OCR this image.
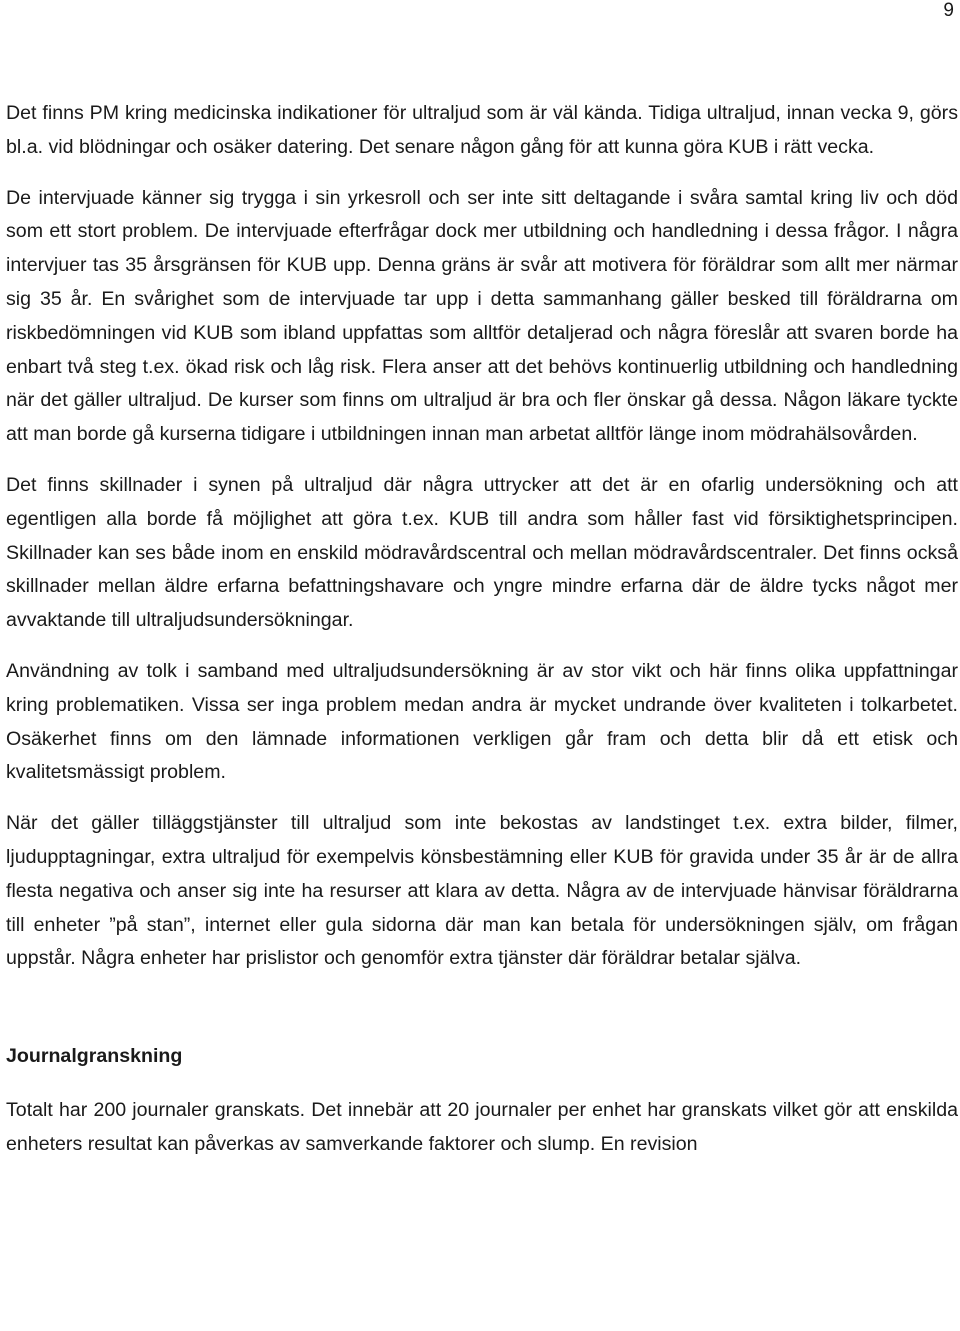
9

Det finns PM kring medicinska indikationer för ultraljud som är väl kända. Tidiga ultraljud, innan vecka 9, görs bl.a. vid blödningar och osäker datering. Det senare någon gång för att kunna göra KUB i rätt vecka.

De intervjuade känner sig trygga i sin yrkesroll och ser inte sitt deltagande i svåra samtal kring liv och död som ett stort problem. De intervjuade efterfrågar dock mer utbildning och handledning i dessa frågor. I några intervjuer tas 35 årsgränsen för KUB upp. Denna gräns är svår att motivera för föräldrar som allt mer närmar sig 35 år. En svårighet som de intervjuade tar upp i detta sammanhang gäller besked till föräldrarna om riskbedömningen vid KUB som ibland uppfattas som alltför detaljerad och några föreslår att svaren borde ha enbart två steg t.ex. ökad risk och låg risk. Flera anser att det behövs kontinuerlig utbildning och handledning när det gäller ultraljud. De kurser som finns om ultraljud är bra och fler önskar gå dessa. Någon läkare tyckte att man borde gå kurserna tidigare i utbildningen innan man arbetat alltför länge inom mödrahälsovården.

Det finns skillnader i synen på ultraljud där några uttrycker att det är en ofarlig undersökning och att egentligen alla borde få möjlighet att göra t.ex. KUB till andra som håller fast vid försiktighetsprincipen. Skillnader kan ses både inom en enskild mödravårdscentral och mellan mödravårdscentraler. Det finns också skillnader mellan äldre erfarna befattningshavare och yngre mindre erfarna där de äldre tycks något mer avvaktande till ultraljudsundersökningar.

Användning av tolk i samband med ultraljudsundersökning är av stor vikt och här finns olika uppfattningar kring problematiken. Vissa ser inga problem medan andra är mycket undrande över kvaliteten i tolkarbetet. Osäkerhet finns om den lämnade informationen verkligen går fram och detta blir då ett etisk och kvalitetsmässigt problem.

När det gäller tilläggstjänster till ultraljud som inte bekostas av landstinget t.ex. extra bilder, filmer, ljudupptagningar, extra ultraljud för exempelvis könsbestämning eller KUB för gravida under 35 år är de allra flesta negativa och anser sig inte ha resurser att klara av detta. Några av de intervjuade hänvisar föräldrarna till enheter ”på stan”, internet eller gula sidorna där man kan betala för undersökningen själv, om frågan uppstår. Några enheter har prislistor och genomför extra tjänster där föräldrar betalar själva.

Journalgranskning

Totalt har 200 journaler granskats. Det innebär att 20 journaler per enhet har granskats vilket gör att enskilda enheters resultat kan påverkas av samverkande faktorer och slump. En revision
